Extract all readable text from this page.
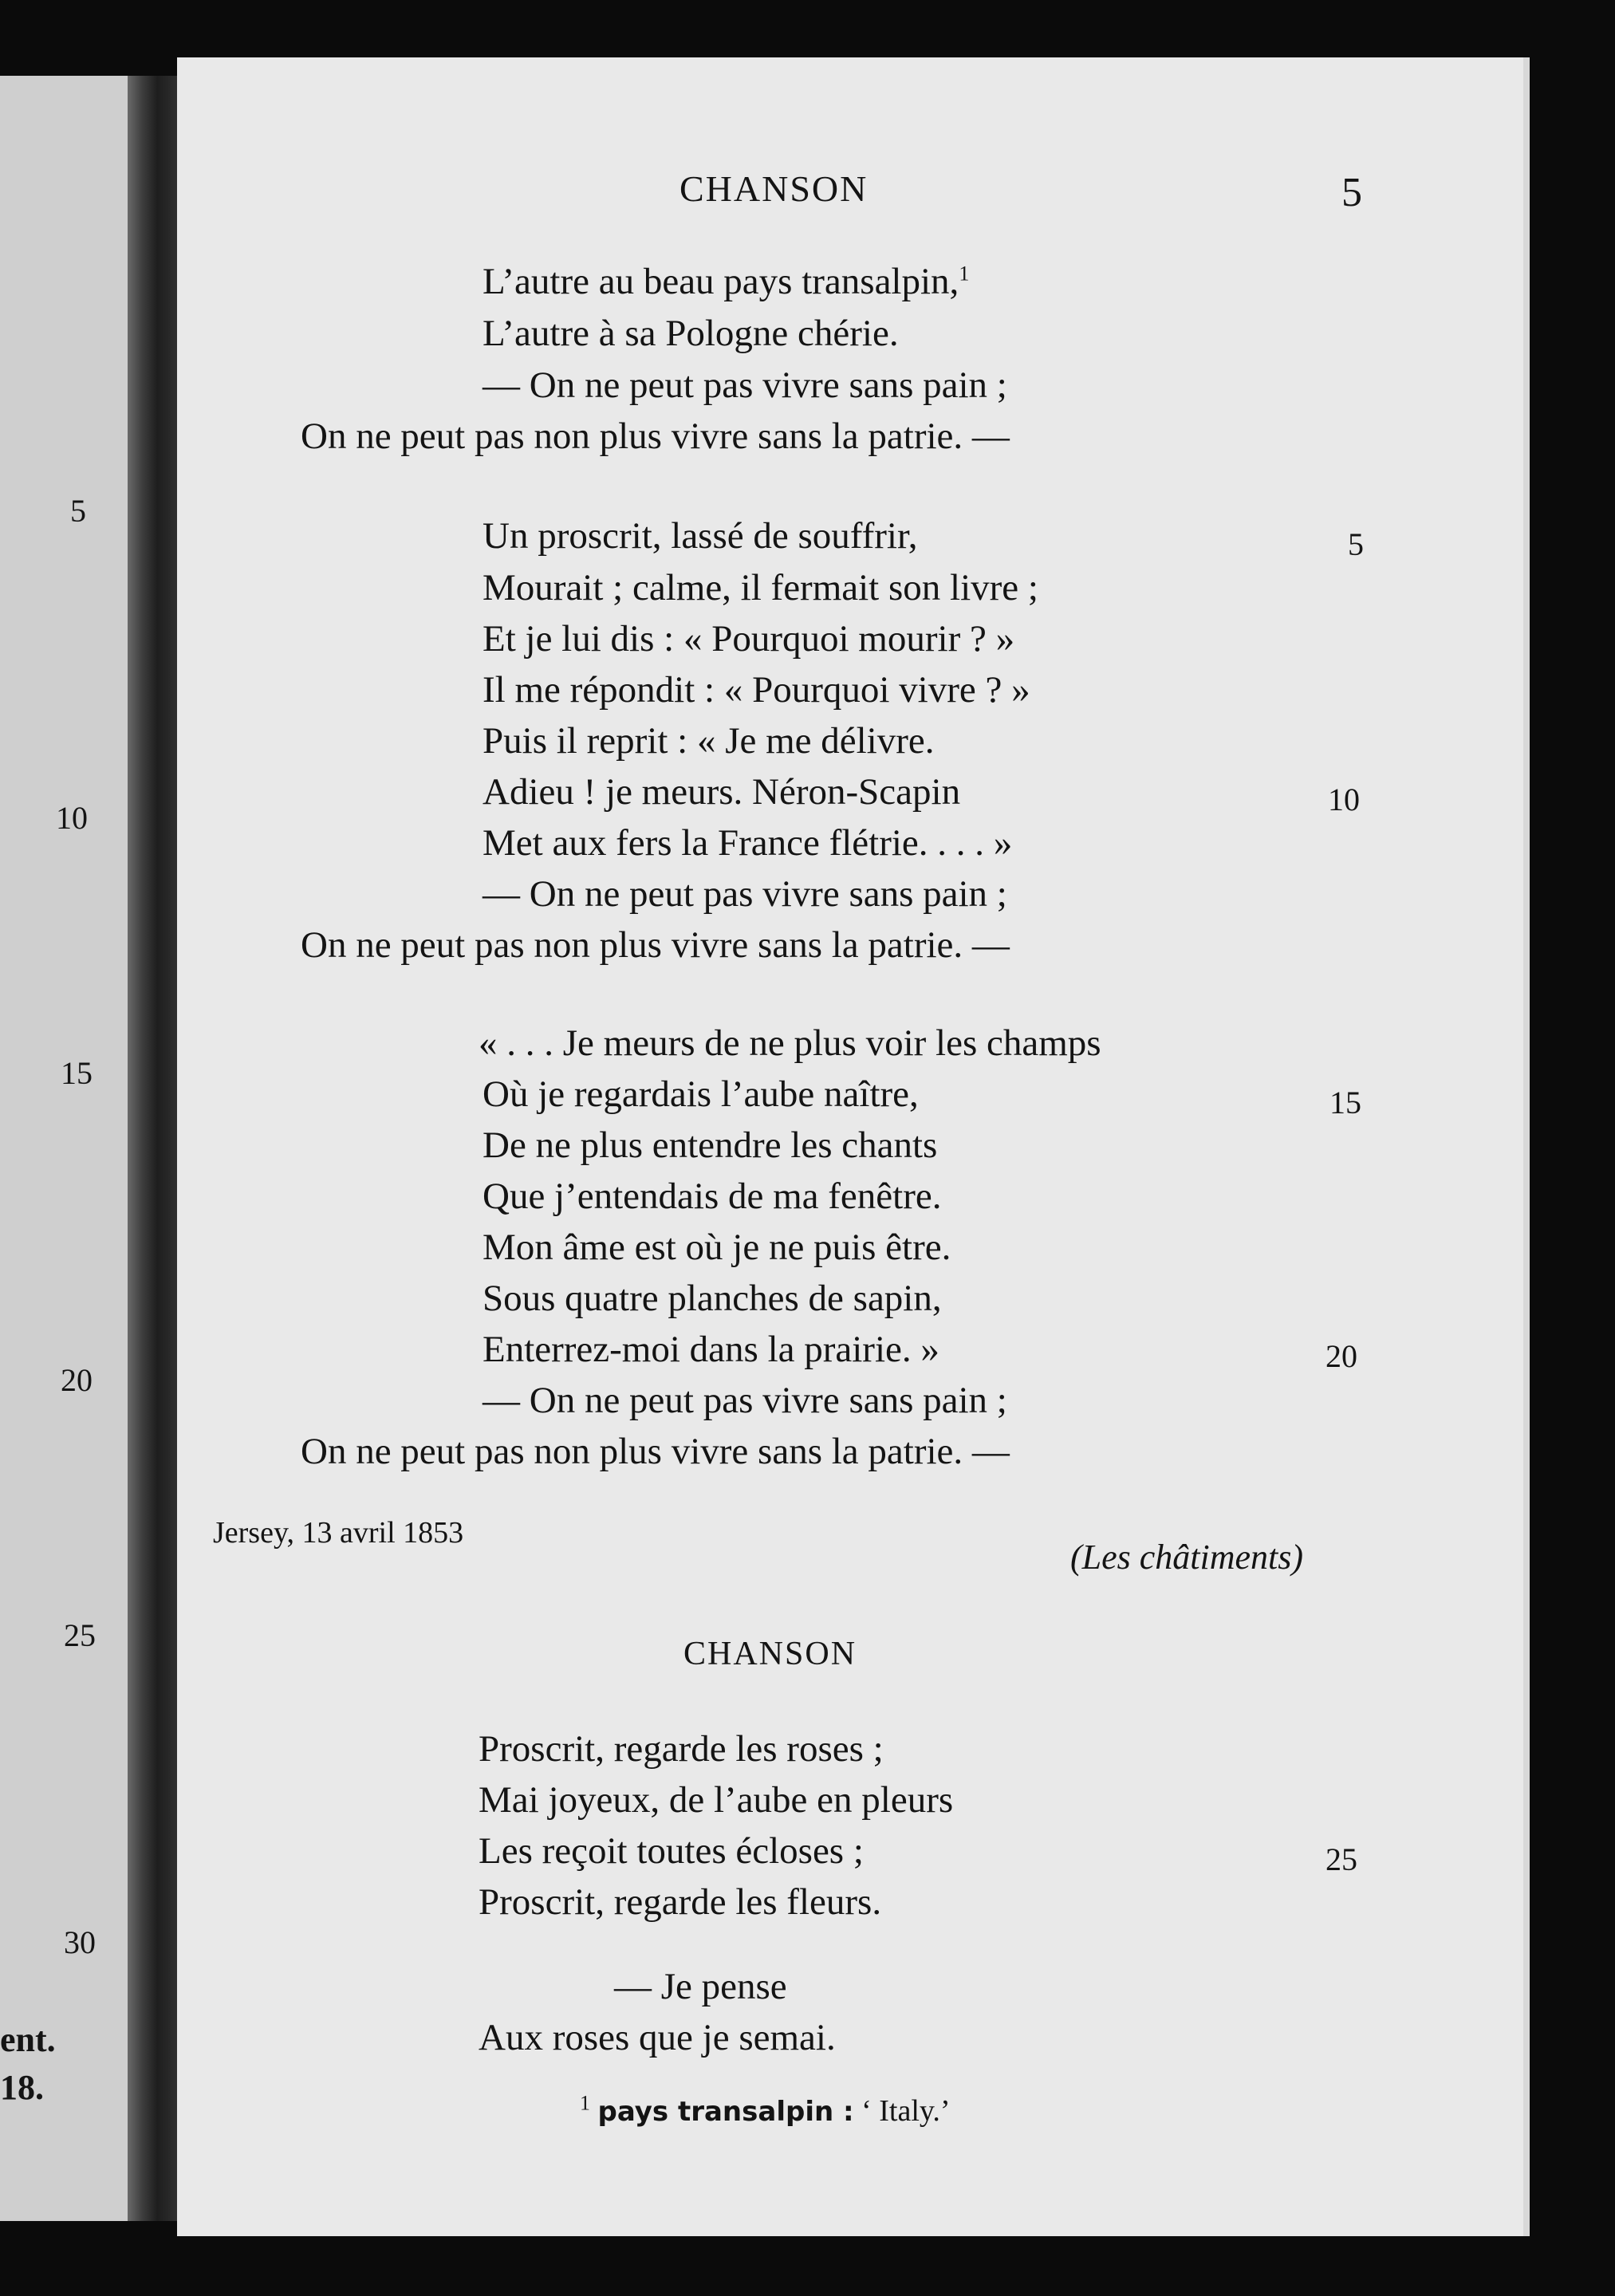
5
10
15
20
25
30
ent.
18.
CHANSON	5
L’autre au beau pays transalpin,$^1$
L’autre à sa Pologne chérie.
— On ne peut pas vivre sans pain ;
On ne peut pas non plus vivre sans la patrie. —
Un proscrit, lassé de souffrir,	5
Mourait ; calme, il fermait son livre ;
Et je lui dis : « Pourquoi mourir ? »
Il me répondit : « Pourquoi vivre ? »
Puis il reprit : « Je me délivre.
Adieu ! je meurs. Néron-Scapin	10
Met aux fers la France flétrie. . . . »
— On ne peut pas vivre sans pain ;
On ne peut pas non plus vivre sans la patrie. —
« . . . Je meurs de ne plus voir les champs
Où je regardais l’aube naître,	15
De ne plus entendre les chants
Que j’entendais de ma fenêtre.
Mon âme est où je ne puis être.
Sous quatre planches de sapin,
Enterrez-moi dans la prairie. »	20
— On ne peut pas vivre sans pain ;
On ne peut pas non plus vivre sans la patrie. —
Jersey, 13 avril 1853
(Les châtiments)
CHANSON
Proscrit, regarde les roses ;
Mai joyeux, de l’aube en pleurs
Les reçoit toutes écloses ;	25
Proscrit, regarde les fleurs.
— Je pense
Aux roses que je semai.
$^1$ pays transalpin : ‘ Italy.’
